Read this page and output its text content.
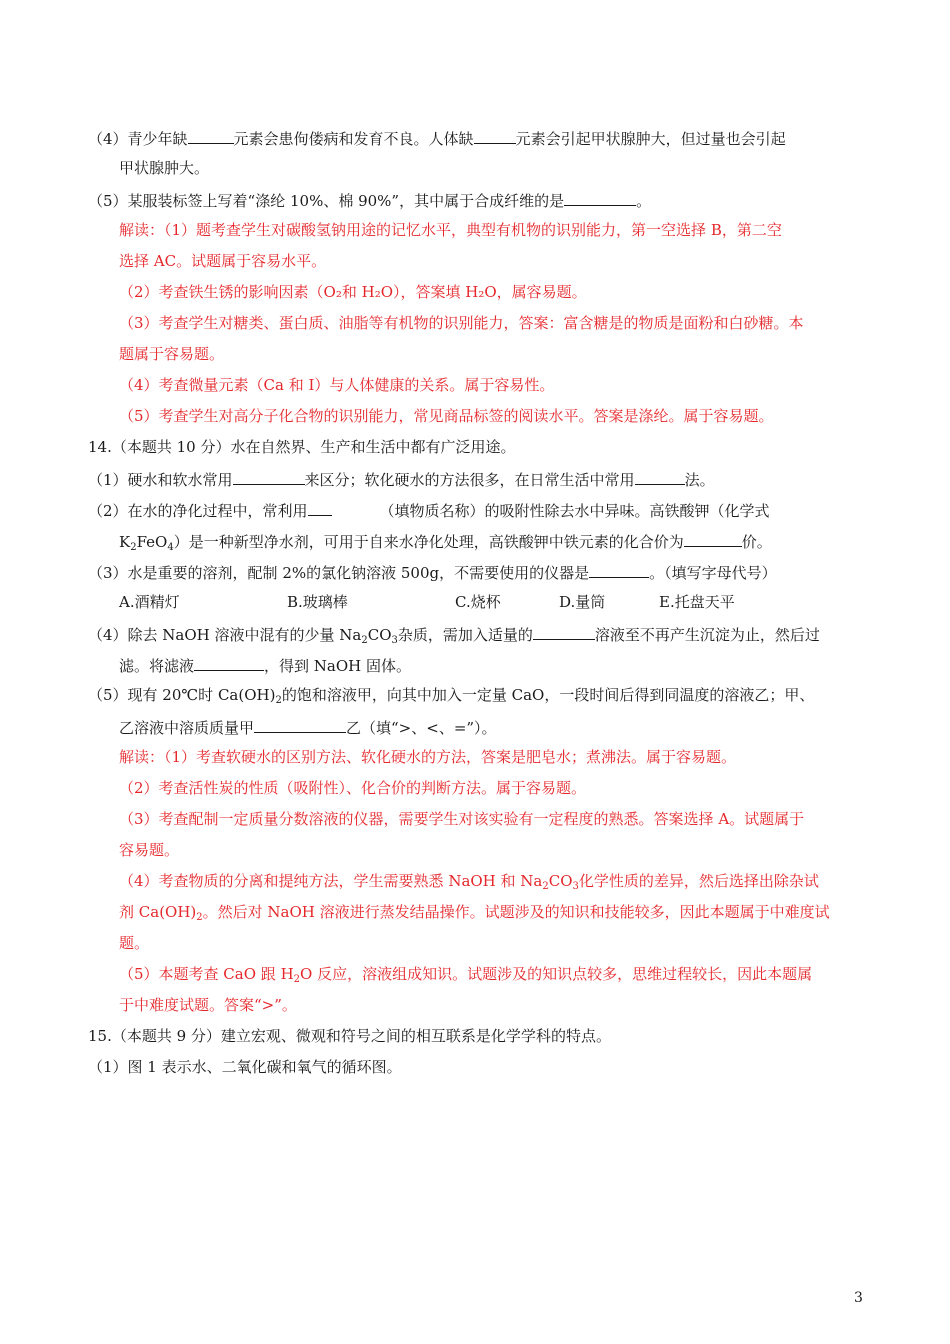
（4）青少年缺	元素会患佝偻病和发育不良。人体缺	元素会引起甲状腺肿大，但过量也会引起
甲状腺肿大。
（5）某服装标签上写着“涤纶 10%、棉 90%”，其中属于合成纤维的是	。
解读：（1）题考查学生对碳酸氢钠用途的记忆水平，典型有机物的识别能力，第一空选择 B，第二空
选择 AC。试题属于容易水平。
（2）考查铁生锈的影响因素（O₂和 H₂O），答案填 H₂O，属容易题。
（3）考查学生对糖类、蛋白质、油脂等有机物的识别能力，答案：富含糖是的物质是面粉和白砂糖。本
题属于容易题。
（4）考查微量元素（Ca 和 I）与人体健康的关系。属于容易性。
（5）考查学生对高分子化合物的识别能力，常见商品标签的阅读水平。答案是涤纶。属于容易题。
14.（本题共 10 分）水在自然界、生产和生活中都有广泛用途。
（1）硬水和软水常用	来区分；软化硬水的方法很多，在日常生活中常用	法。
（2）在水的净化过程中，常利用	（填物质名称）的吸附性除去水中异味。高铁酸钾（化学式
$K_2FeO_4$）是一种新型净水剂，可用于自来水净化处理，高铁酸钾中铁元素的化合价为	价。
（3）水是重要的溶剂，配制 2%的氯化钠溶液 500g，不需要使用的仪器是	。（填写字母代号）
A.酒精灯	B.玻璃棒	C.烧杯	D.量筒	E.托盘天平
（4）除去 NaOH 溶液中混有的少量 $Na_2CO_3$杂质，需加入适量的	溶液至不再产生沉淀为止，然后过
滤。将滤液	，得到 NaOH 固体。
（5）现有 20℃时 $Ca(OH)_2$的饱和溶液甲，向其中加入一定量 CaO，一段时间后得到同温度的溶液乙；甲、
乙溶液中溶质质量甲	乙（填“>、<、=”）。
解读：（1）考查软硬水的区别方法、软化硬水的方法，答案是肥皂水；煮沸法。属于容易题。
（2）考查活性炭的性质（吸附性）、化合价的判断方法。属于容易题。
（3）考查配制一定质量分数溶液的仪器，需要学生对该实验有一定程度的熟悉。答案选择 A。试题属于
容易题。
（4）考查物质的分离和提纯方法，学生需要熟悉 NaOH 和 $Na_2CO_3$化学性质的差异，然后选择出除杂试
剂 $Ca(OH)_2$。然后对 NaOH 溶液进行蒸发结晶操作。试题涉及的知识和技能较多，因此本题属于中难度试
题。
（5）本题考查 CaO 跟 $H_2O$ 反应，溶液组成知识。试题涉及的知识点较多，思维过程较长，因此本题属
于中难度试题。答案“>”。
15.（本题共 9 分）建立宏观、微观和符号之间的相互联系是化学学科的特点。
（1）图 1 表示水、二氧化碳和氧气的循环图。
3
